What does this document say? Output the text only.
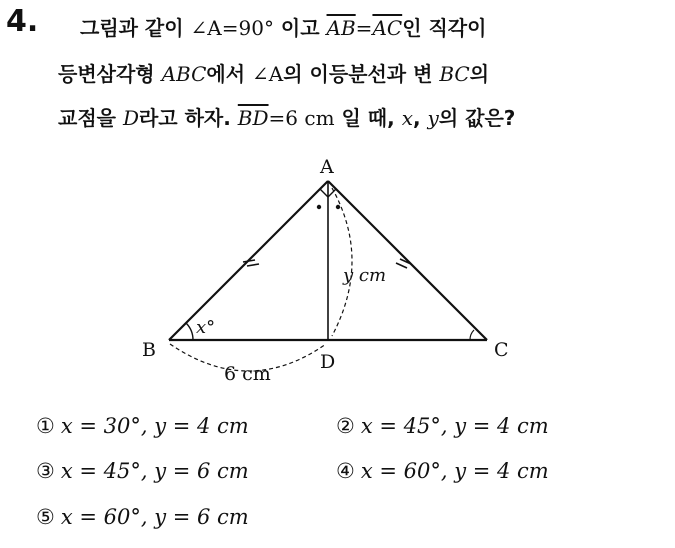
4. 그림과 같이 ∠A=90° 이고 $\overline{AB}=\overline{AC}$인 직각이
등변삼각형 ABC에서 ∠A의 이등분선과 변 BC의
교점을 D라고 하자. $\overline{BD}=6$ cm 일 때, x, y의 값은?
A
B	C
D
x°
y cm
6 cm
① x = 30°, y = 4 cm	② x = 45°, y = 4 cm
③ x = 45°, y = 6 cm	④ x = 60°, y = 4 cm
⑤ x = 60°, y = 6 cm
